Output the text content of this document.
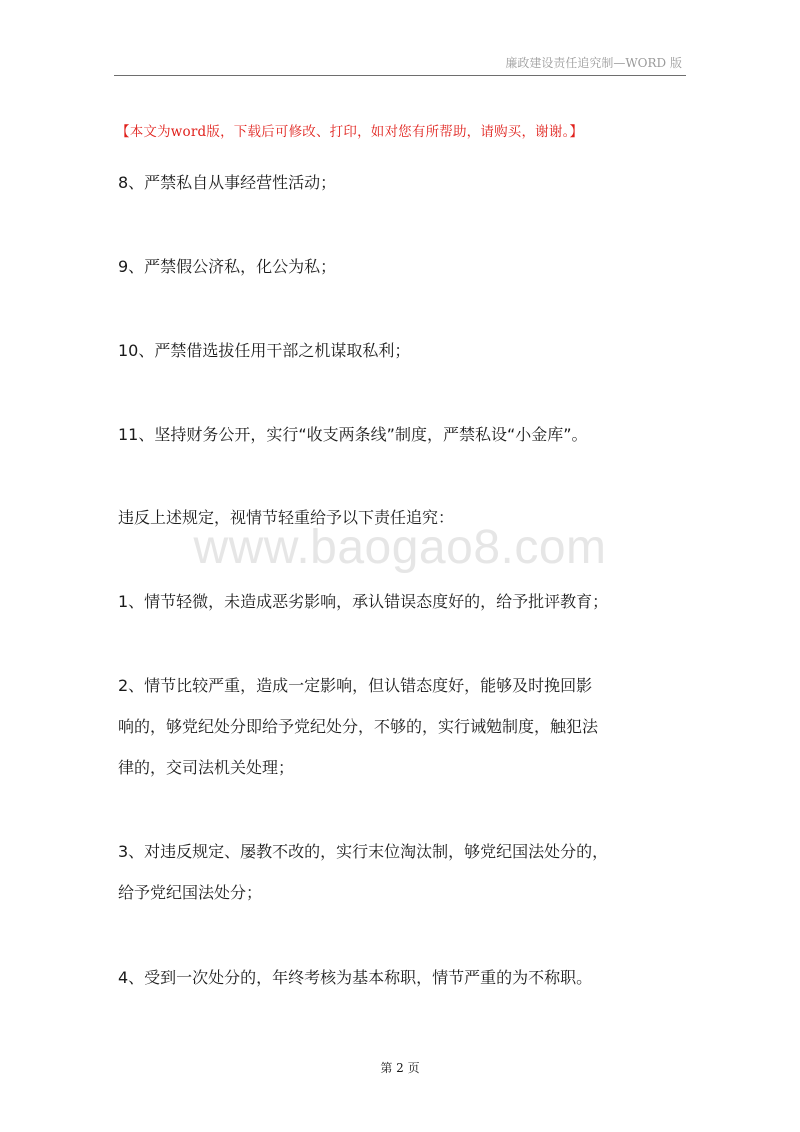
廉政建设责任追究制—WORD 版
【本文为word版，下载后可修改、打印，如对您有所帮助，请购买，谢谢。】
8、严禁私自从事经营性活动；
9、严禁假公济私，化公为私；
10、严禁借选拔任用干部之机谋取私利；
11、坚持财务公开，实行“收支两条线”制度，严禁私设“小金库”。
违反上述规定，视情节轻重给予以下责任追究：
www.baogao8.com
1、情节轻微，未造成恶劣影响，承认错误态度好的，给予批评教育；
2、情节比较严重，造成一定影响，但认错态度好，能够及时挽回影
响的，够党纪处分即给予党纪处分，不够的，实行诫勉制度，触犯法
律的，交司法机关处理；
3、对违反规定、屡教不改的，实行末位淘汰制，够党纪国法处分的，
给予党纪国法处分；
4、受到一次处分的，年终考核为基本称职，情节严重的为不称职。
第 2 页
